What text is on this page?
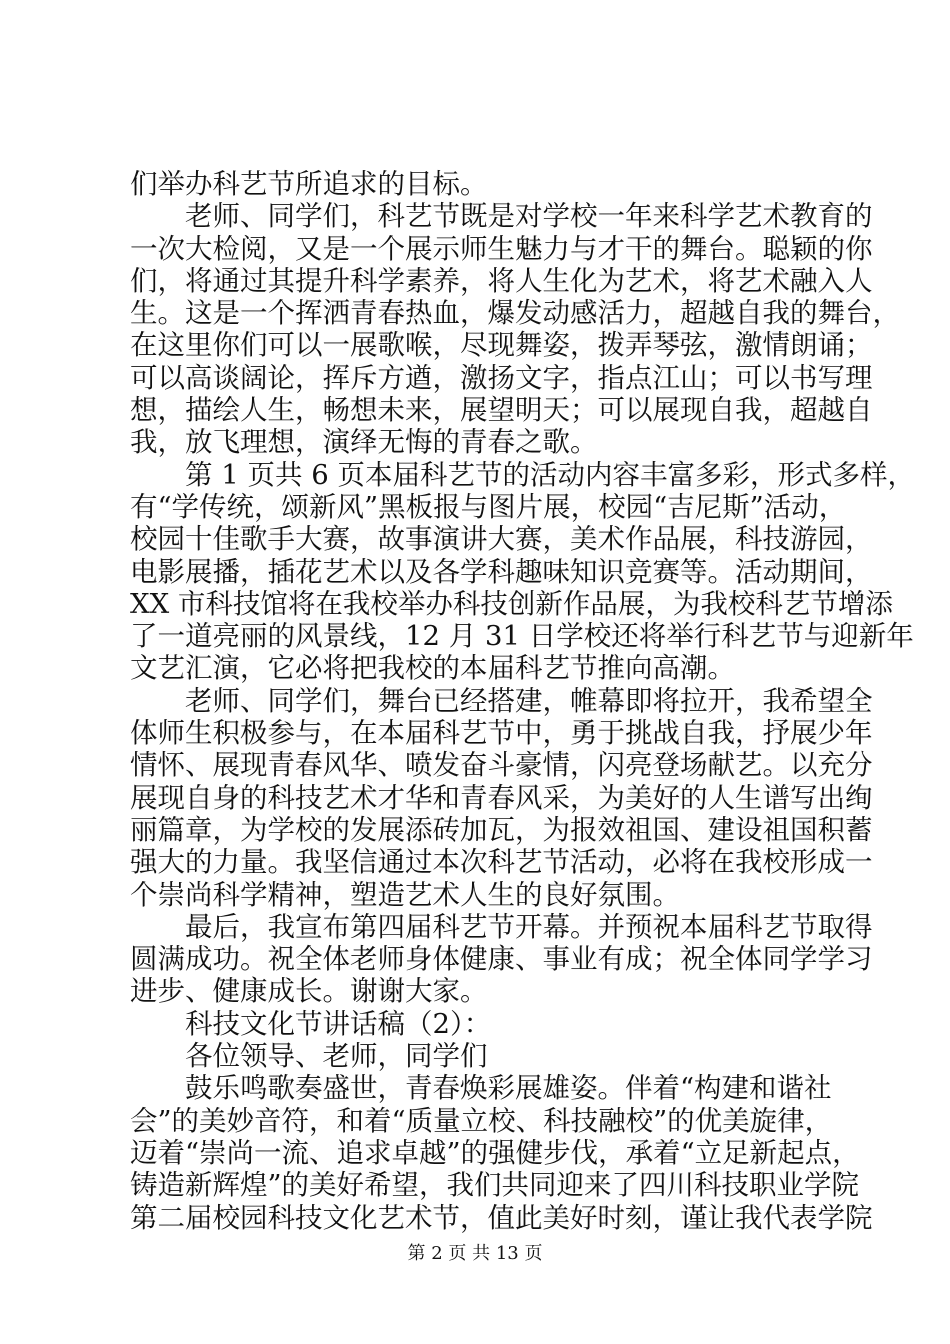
们举办科艺节所追求的目标。
　　老师、同学们，科艺节既是对学校一年来科学艺术教育的
一次大检阅，又是一个展示师生魅力与才干的舞台。聪颖的你
们，将通过其提升科学素养，将人生化为艺术，将艺术融入人
生。这是一个挥洒青春热血，爆发动感活力，超越自我的舞台，
在这里你们可以一展歌喉，尽现舞姿，拨弄琴弦，激情朗诵；
可以高谈阔论，挥斥方遒，激扬文字，指点江山；可以书写理
想，描绘人生，畅想未来，展望明天；可以展现自我，超越自
我，放飞理想，演绎无悔的青春之歌。
　　第 1 页共 6 页本届科艺节的活动内容丰富多彩，形式多样，
有“学传统，颂新风”黑板报与图片展，校园“吉尼斯”活动，
校园十佳歌手大赛，故事演讲大赛，美术作品展，科技游园，
电影展播，插花艺术以及各学科趣味知识竞赛等。活动期间，
XX 市科技馆将在我校举办科技创新作品展，为我校科艺节增添
了一道亮丽的风景线，12 月 31 日学校还将举行科艺节与迎新年
文艺汇演，它必将把我校的本届科艺节推向高潮。
　　老师、同学们，舞台已经搭建，帷幕即将拉开，我希望全
体师生积极参与，在本届科艺节中，勇于挑战自我，抒展少年
情怀、展现青春风华、喷发奋斗豪情，闪亮登场献艺。以充分
展现自身的科技艺术才华和青春风采，为美好的人生谱写出绚
丽篇章，为学校的发展添砖加瓦，为报效祖国、建设祖国积蓄
强大的力量。我坚信通过本次科艺节活动，必将在我校形成一
个崇尚科学精神，塑造艺术人生的良好氛围。
　　最后，我宣布第四届科艺节开幕。并预祝本届科艺节取得
圆满成功。祝全体老师身体健康、事业有成；祝全体同学学习
进步、健康成长。谢谢大家。
　　科技文化节讲话稿（2）：
　　各位领导、老师，同学们
　　鼓乐鸣歌奏盛世，青春焕彩展雄姿。伴着“构建和谐社
会”的美妙音符，和着“质量立校、科技融校”的优美旋律，
迈着“崇尚一流、追求卓越”的强健步伐，承着“立足新起点，
铸造新辉煌”的美好希望，我们共同迎来了四川科技职业学院
第二届校园科技文化艺术节，值此美好时刻，谨让我代表学院
第 2 页 共 13 页
